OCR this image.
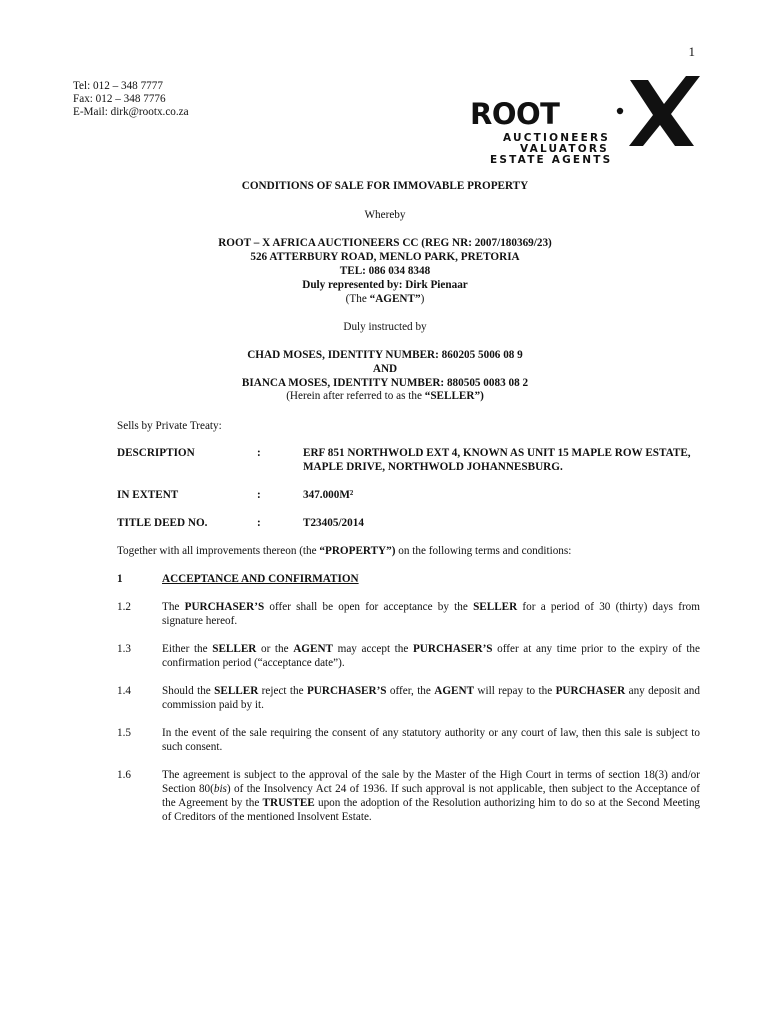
1
Tel: 012 – 348 7777
Fax: 012 – 348 7776
E-Mail: dirk@rootx.co.za	ROOT
AUCTIONEERS
VALUATORS
ESTATE AGENTS
CONDITIONS OF SALE FOR IMMOVABLE PROPERTY
Whereby
ROOT – X AFRICA AUCTIONEERS CC (REG NR: 2007/180369/23)
526 ATTERBURY ROAD, MENLO PARK, PRETORIA
TEL: 086 034 8348
Duly represented by: Dirk Pienaar
(The “AGENT”)
Duly instructed by
CHAD MOSES, IDENTITY NUMBER: 860205 5006 08 9
AND
BIANCA MOSES, IDENTITY NUMBER: 880505 0083 08 2
(Herein after referred to as the “SELLER”)
Sells by Private Treaty:
DESCRIPTION	:	ERF 851 NORTHWOLD EXT 4, KNOWN AS UNIT 15 MAPLE ROW ESTATE, MAPLE DRIVE, NORTHWOLD JOHANNESBURG.
IN EXTENT	:	347.000M²
TITLE DEED NO.	:	T23405/2014
Together with all improvements thereon (the “PROPERTY”) on the following terms and conditions:
1	ACCEPTANCE AND CONFIRMATION
1.2	The PURCHASER’S offer shall be open for acceptance by the SELLER for a period of 30 (thirty) days from signature hereof.
1.3	Either the SELLER or the AGENT may accept the PURCHASER’S offer at any time prior to the expiry of the confirmation period (“acceptance date”).
1.4	Should the SELLER reject the PURCHASER’S offer, the AGENT will repay to the PURCHASER any deposit and commission paid by it.
1.5	In the event of the sale requiring the consent of any statutory authority or any court of law, then this sale is subject to such consent.
1.6	The agreement is subject to the approval of the sale by the Master of the High Court in terms of section 18(3) and/or Section 80(bis) of the Insolvency Act 24 of 1936. If such approval is not applicable, then subject to the Acceptance of the Agreement by the TRUSTEE upon the adoption of the Resolution authorizing him to do so at the Second Meeting of Creditors of the mentioned Insolvent Estate.
